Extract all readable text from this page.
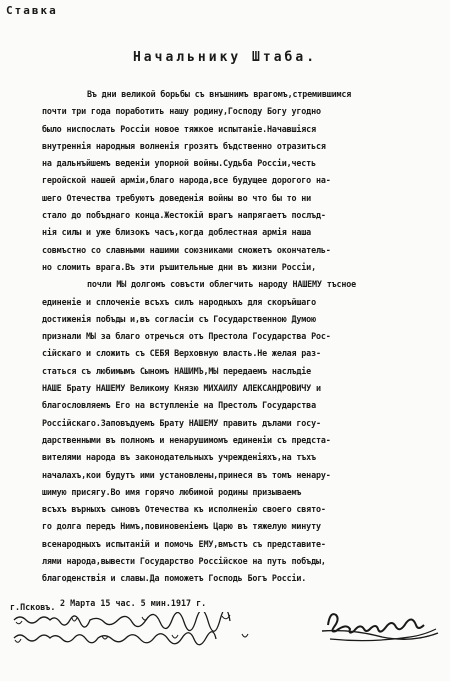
Ставка
Начальнику Штаба.
Въ дни великой борьбы съ внъшнимъ врагомъ,стремившимся
почти три года поработить нашу родину,Господу Богу угодно
было ниспослать Россіи новое тяжкое испытаніе.Начавшіяся
внутреннія народныя волненія грозятъ бъдственно отразиться
на дальнъйшемъ веденіи упорной войны.Судьба Россіи,честь
геройской нашей арміи,благо народа,все будущее дорогого на-
шего Отечества требуютъ доведенія войны во что бы то ни
стало до побъднаго конца.Жестокій врагъ напрягаетъ послъд-
нія силы и уже близокъ часъ,когда доблестная армія наша
совмъстно со славными нашими союзниками сможетъ окончатель-
но сломить врага.Въ эти ръшительные дни въ жизни Россіи,
почли МЫ долгомъ совъсти облегчить народу НАШЕМУ тъсное
единеніе и сплоченіе всъхъ силъ народныхъ для скоръйшаго
достиженія побъды и,въ согласіи съ Государственною Думою
признали МЫ за благо отречься отъ Престола Государства Рос-
сійскаго и сложить съ СЕБЯ Верховную власть.Не желая раз-
статься съ любимымъ Сыномъ НАШИМЪ,МЫ передаемъ наслъдіе
НАШЕ Брату НАШЕМУ Великому Князю МИХАИЛУ АЛЕКСАНДРОВИЧУ и
благословляемъ Его на вступленіе на Престолъ Государства
Россійскаго.Заповъдуемъ Брату НАШЕМУ править дълами госу-
дарственными въ полномъ и ненарушимомъ единеніи съ предста-
вителями народа въ законодательныхъ учрежденіяхъ,на тъхъ
началахъ,кои будутъ ими установлены,принеся въ томъ ненару-
шимую присягу.Во имя горячо любимой родины призываемъ
всъхъ върныхъ сыновъ Отечества къ исполненію своего свято-
го долга передъ Нимъ,повиновеніемъ Царю въ тяжелую минуту
всенародныхъ испытаній и помочь ЕМУ,вмъстъ съ представите-
лями народа,вывести Государство Россійское на путь побъды,
благоденствія и славы.Да поможетъ Господь Богъ Россіи.
г.Псковъ. 2 Марта 15 час. 5 мин.1917 г.
